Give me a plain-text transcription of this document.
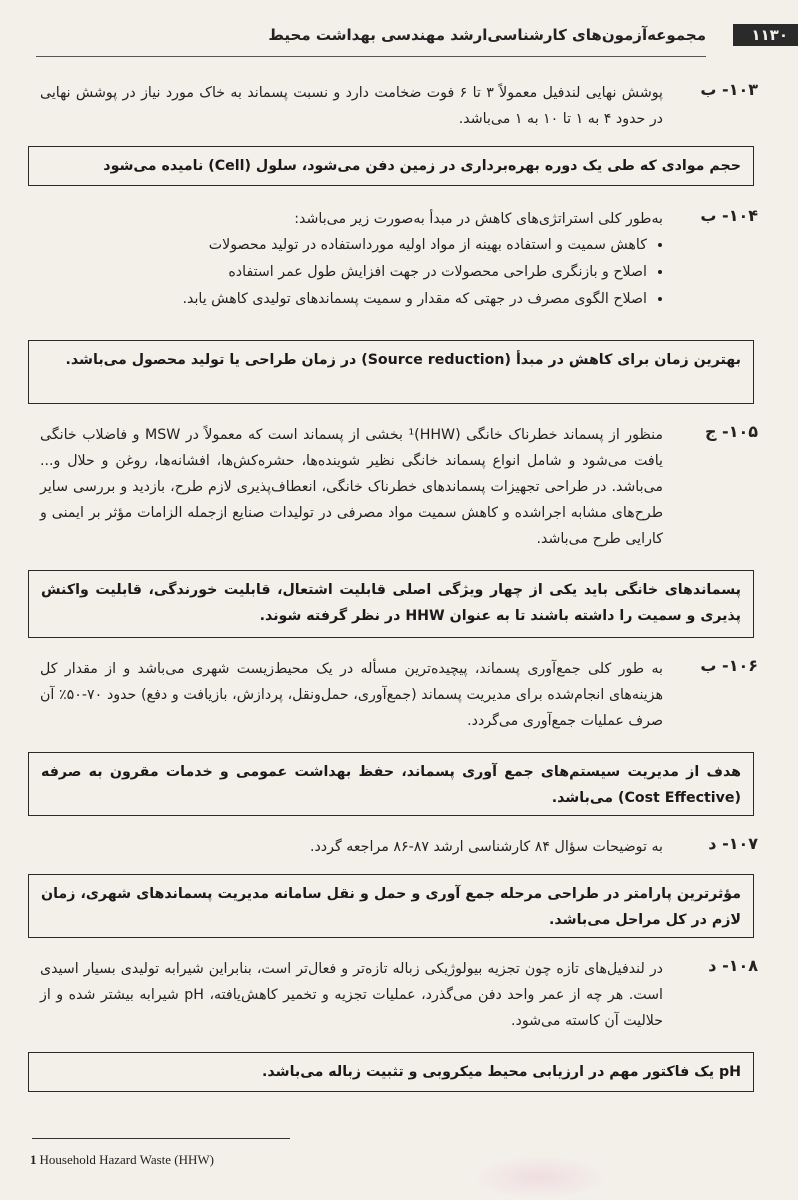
۱۱۳۰
مجموعه‌آزمون‌های کارشناسی‌ارشد مهندسی بهداشت محیط
۱۰۳- ب
پوشش نهایی لندفیل معمولاً ۳ تا ۶ فوت ضخامت دارد و نسبت پسماند به خاک مورد نیاز در پوشش نهایی در حدود ۴ به ۱ تا ۱۰ به ۱ می‌باشد.
حجم موادی که طی یک دوره بهره‌برداری در زمین دفن می‌شود، سلول (Cell) نامیده می‌شود
۱۰۴- ب
به‌طور کلی استراتژی‌های کاهش در مبدأ به‌صورت زیر می‌باشد:
• کاهش سمیت و استفاده بهینه از مواد اولیه مورداستفاده در تولید محصولات
• اصلاح و بازنگری طراحی محصولات در جهت افزایش طول عمر استفاده
• اصلاح الگوی مصرف در جهتی که مقدار و سمیت پسماندهای تولیدی کاهش یابد.
بهترین زمان برای کاهش در مبدأ (Source reduction) در زمان طراحی یا تولید محصول می‌باشد.
۱۰۵- ج
منظور از پسماند خطرناک خانگی (HHW)¹ بخشی از پسماند است که معمولاً در MSW و فاضلاب خانگی یافت می‌شود و شامل انواع پسماند خانگی نظیر شوینده‌ها، حشره‌کش‌ها، افشانه‌ها، روغن و حلال و... می‌باشد. در طراحی تجهیزات پسماندهای خطرناک خانگی، انعطاف‌پذیری لازم طرح، بازدید و بررسی سایر طرح‌های مشابه اجراشده و کاهش سمیت مواد مصرفی در تولیدات صنایع ازجمله الزامات مؤثر بر ایمنی و کارایی طرح می‌باشد.
پسماندهای خانگی باید یکی از چهار ویژگی اصلی قابلیت اشتعال، قابلیت خورندگی، قابلیت واکنش پذیری و سمیت را داشته باشند تا به عنوان HHW در نظر گرفته شوند.
۱۰۶- ب
به طور کلی جمع‌آوری پسماند، پیچیده‌ترین مسأله در یک محیط‌زیست شهری می‌باشد و از مقدار کل هزینه‌های انجام‌شده برای مدیریت پسماند (جمع‌آوری، حمل‌ونقل، پردازش، بازیافت و دفع) حدود ۷۰-۵۰٪ آن صرف عملیات جمع‌آوری می‌گردد.
هدف از مدیریت سیستم‌های جمع آوری پسماند، حفظ بهداشت عمومی و خدمات مقرون به صرفه (Cost Effective) می‌باشد.
۱۰۷- د
به توضیحات سؤال ۸۴ کارشناسی ارشد ۸۷-۸۶ مراجعه گردد.
مؤثرترین پارامتر در طراحی مرحله جمع آوری و حمل و نقل سامانه مدیریت پسماندهای شهری، زمان لازم در کل مراحل می‌باشد.
۱۰۸- د
در لندفیل‌های تازه چون تجزیه بیولوژیکی زباله تازه‌تر و فعال‌تر است، بنابراین شیرابه تولیدی بسیار اسیدی است. هر چه از عمر واحد دفن می‌گذرد، عملیات تجزیه و تخمیر کاهش‌یافته، pH شیرابه بیشتر شده و از حلالیت آن کاسته می‌شود.
pH یک فاکتور مهم در ارزیابی محیط میکروبی و تثبیت زباله می‌باشد.
1 Household Hazard Waste (HHW)
